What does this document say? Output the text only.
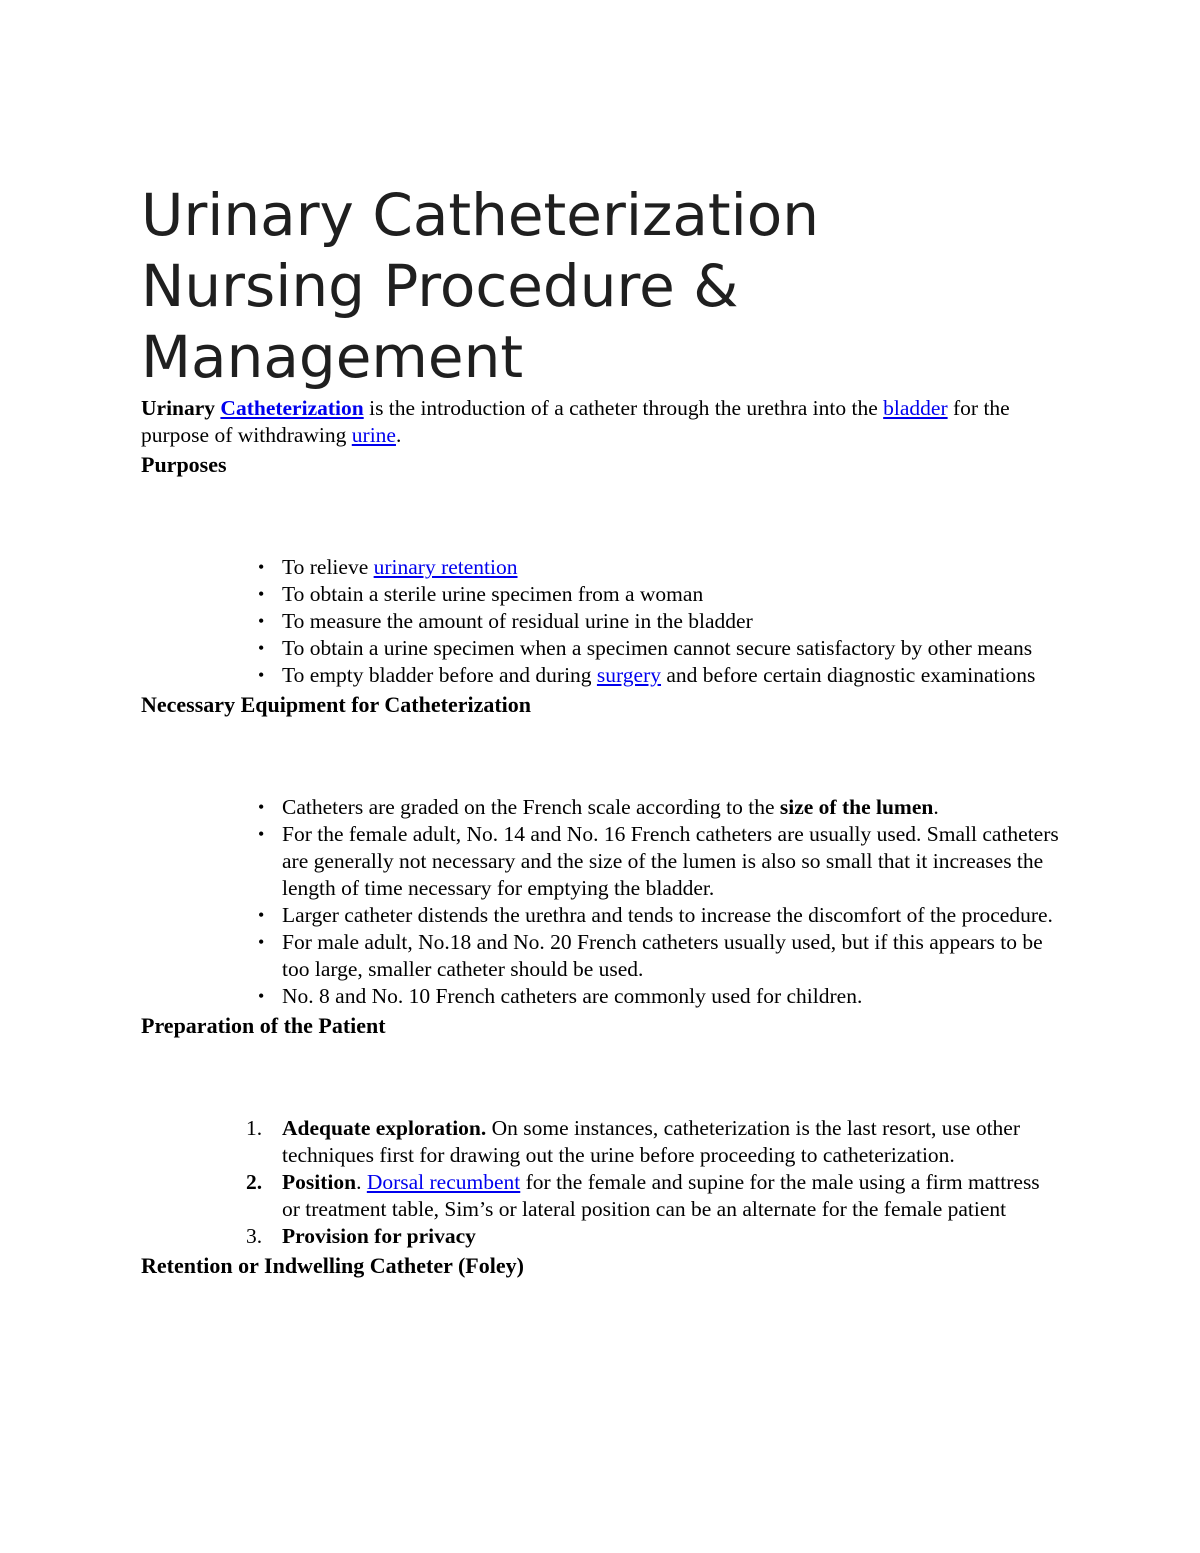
Urinary Catheterization
Nursing Procedure &
Management

Urinary Catheterization is the introduction of a catheter through the urethra into the bladder for the purpose of withdrawing urine.

Purposes
• To relieve urinary retention
• To obtain a sterile urine specimen from a woman
• To measure the amount of residual urine in the bladder
• To obtain a urine specimen when a specimen cannot secure satisfactory by other means
• To empty bladder before and during surgery and before certain diagnostic examinations
Necessary Equipment for Catheterization
• Catheters are graded on the French scale according to the size of the lumen.
• For the female adult, No. 14 and No. 16 French catheters are usually used. Small catheters are generally not necessary and the size of the lumen is also so small that it increases the length of time necessary for emptying the bladder.
• Larger catheter distends the urethra and tends to increase the discomfort of the procedure.
• For male adult, No.18 and No. 20 French catheters usually used, but if this appears to be too large, smaller catheter should be used.
• No. 8 and No. 10 French catheters are commonly used for children.
Preparation of the Patient
1. Adequate exploration. On some instances, catheterization is the last resort, use other techniques first for drawing out the urine before proceeding to catheterization.
2. Position. Dorsal recumbent for the female and supine for the male using a firm mattress or treatment table, Sim’s or lateral position can be an alternate for the female patient
3. Provision for privacy
Retention or Indwelling Catheter (Foley)
